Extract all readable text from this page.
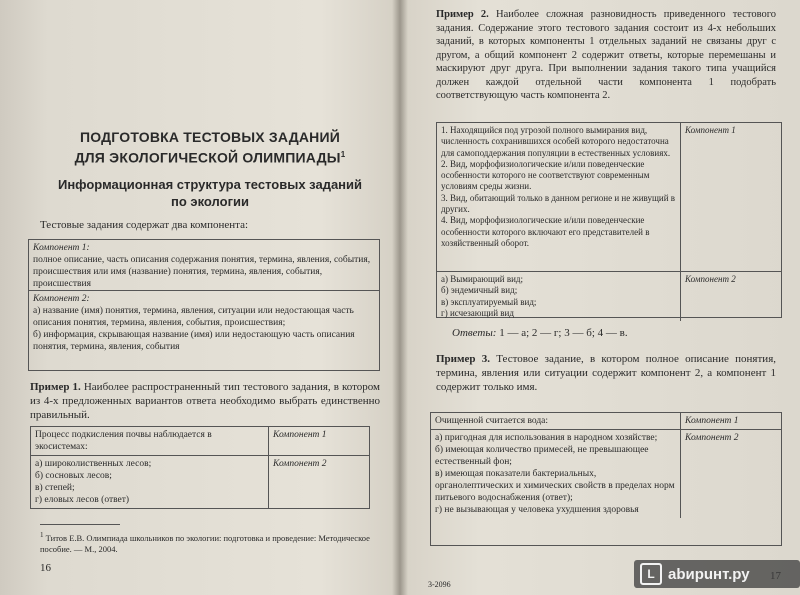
ПОДГОТОВКА ТЕСТОВЫХ ЗАДАНИЙ
ДЛЯ ЭКОЛОГИЧЕСКОЙ ОЛИМПИАДЫ$^1$
Информационная структура тестовых заданий
по экологии
Тестовые задания содержат два компонента:
Компонент 1:
полное описание, часть описания содержания понятия, термина, явления, события, происшествия или имя (название) понятия, термина, явления, события, происшествия
Компонент 2:
а) название (имя) понятия, термина, явления, ситуации или недостающая часть описания понятия, термина, явления, события, происшествия;
б) информация, скрывающая название (имя) или недостающую часть описания понятия, термина, явления, события
Пример 1. Наиболее распространенный тип тестового задания, в котором из 4-х предложенных вариантов ответа необходимо выбрать единственно правильный.
Процесс подкисления почвы наблюдается в экосистемах:
Компонент 1
а) широколиственных лесов;
б) сосновых лесов;
в) степей;
г) еловых лесов (ответ)
Компонент 2
$^1$ Титов Е.В. Олимпиада школьников по экологии: подготовка и проведение: Методическое пособие. — М., 2004.
16
Пример 2. Наиболее сложная разновидность приведенного тестового задания. Содержание этого тестового задания состоит из 4-х небольших заданий, в которых компоненты 1 отдельных заданий не связаны друг с другом, а общий компонент 2 содержит ответы, которые перемешаны и маскируют друг друга. При выполнении задания такого типа учащийся должен каждой отдельной части компонента 1 подобрать соответствующую часть компонента 2.
1. Находящийся под угрозой полного вымирания вид, численность сохранившихся особей которого недостаточна для самоподдержания популяции в естественных условиях.
2. Вид, морфофизиологические и/или поведенческие особенности которого не соответствуют современным условиям среды жизни.
3. Вид, обитающий только в данном регионе и не живущий в других.
4. Вид, морфофизиологические и/или поведенческие особенности которого включают его представителей в хозяйственный оборот.
Компонент 1
а) Вымирающий вид;
б) эндемичный вид;
в) эксплуатируемый вид;
г) исчезающий вид
Компонент 2
Ответы: 1 — а; 2 — г; 3 — б; 4 — в.
Пример 3. Тестовое задание, в котором полное описание понятия, термина, явления или ситуации содержит компонент 2, а компонент 1 содержит только имя.
Очищенной считается вода:	Компонент 1
а) пригодная для использования в народном хозяйстве;
б) имеющая количество примесей, не превышающее естественный фон;
в) имеющая показатели бактериальных, органолептических и химических свойств в пределах норм питьевого водоснабжения (ответ);
г) не вызывающая у человека ухудшения здоровья
Компонент 2
3-2096
L abирuнт.ру
